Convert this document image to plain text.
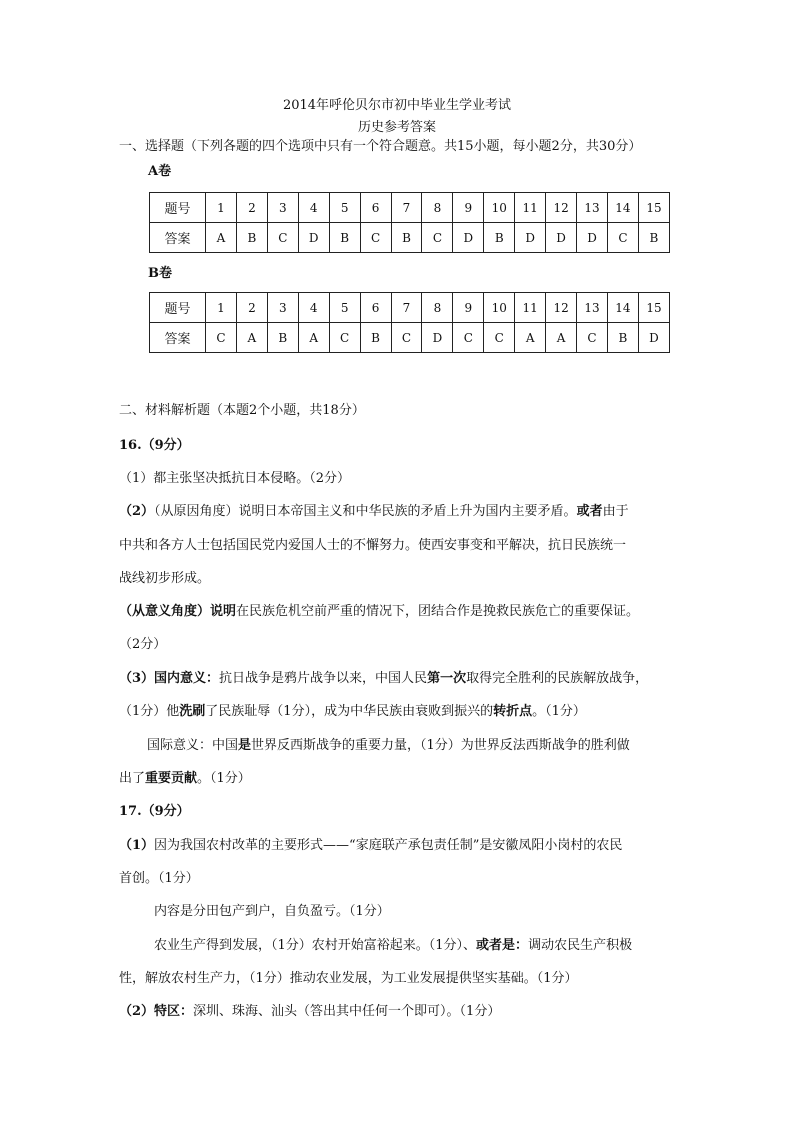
2014年呼伦贝尔市初中毕业生学业考试
历史参考答案
一、选择题（下列各题的四个选项中只有一个符合题意。共15小题，每小题2分，共30分）
A卷
题号	1	2	3	4	5	6	7	8	9	10	11	12	13	14	15
答案	A	B	C	D	B	C	B	C	D	B	D	D	D	C	B
B卷
题号	1	2	3	4	5	6	7	8	9	10	11	12	13	14	15
答案	C	A	B	A	C	B	C	D	C	C	A	A	C	B	D
二、材料解析题（本题2个小题，共18分）
16.（9分）
（1）都主张坚决抵抗日本侵略。（2分）
（2）（从原因角度）说明日本帝国主义和中华民族的矛盾上升为国内主要矛盾。或者由于
中共和各方人士包括国民党内爱国人士的不懈努力。使西安事变和平解决，抗日民族统一
战线初步形成。
（从意义角度）说明在民族危机空前严重的情况下，团结合作是挽救民族危亡的重要保证。
（2分）
（3）国内意义：抗日战争是鸦片战争以来，中国人民第一次取得完全胜利的民族解放战争，
（1分）他洗刷了民族耻辱（1分），成为中华民族由衰败到振兴的转折点。（1分）
国际意义：中国是世界反西斯战争的重要力量，（1分）为世界反法西斯战争的胜利做
出了重要贡献。（1分）
17.（9分）
（1）因为我国农村改革的主要形式——“家庭联产承包责任制”是安徽凤阳小岗村的农民
首创。（1分）
内容是分田包产到户，自负盈亏。（1分）
农业生产得到发展，（1分）农村开始富裕起来。（1分）、或者是：调动农民生产积极
性，解放农村生产力，（1分）推动农业发展，为工业发展提供坚实基础。（1分）
（2）特区：深圳、珠海、汕头（答出其中任何一个即可）。（1分）
